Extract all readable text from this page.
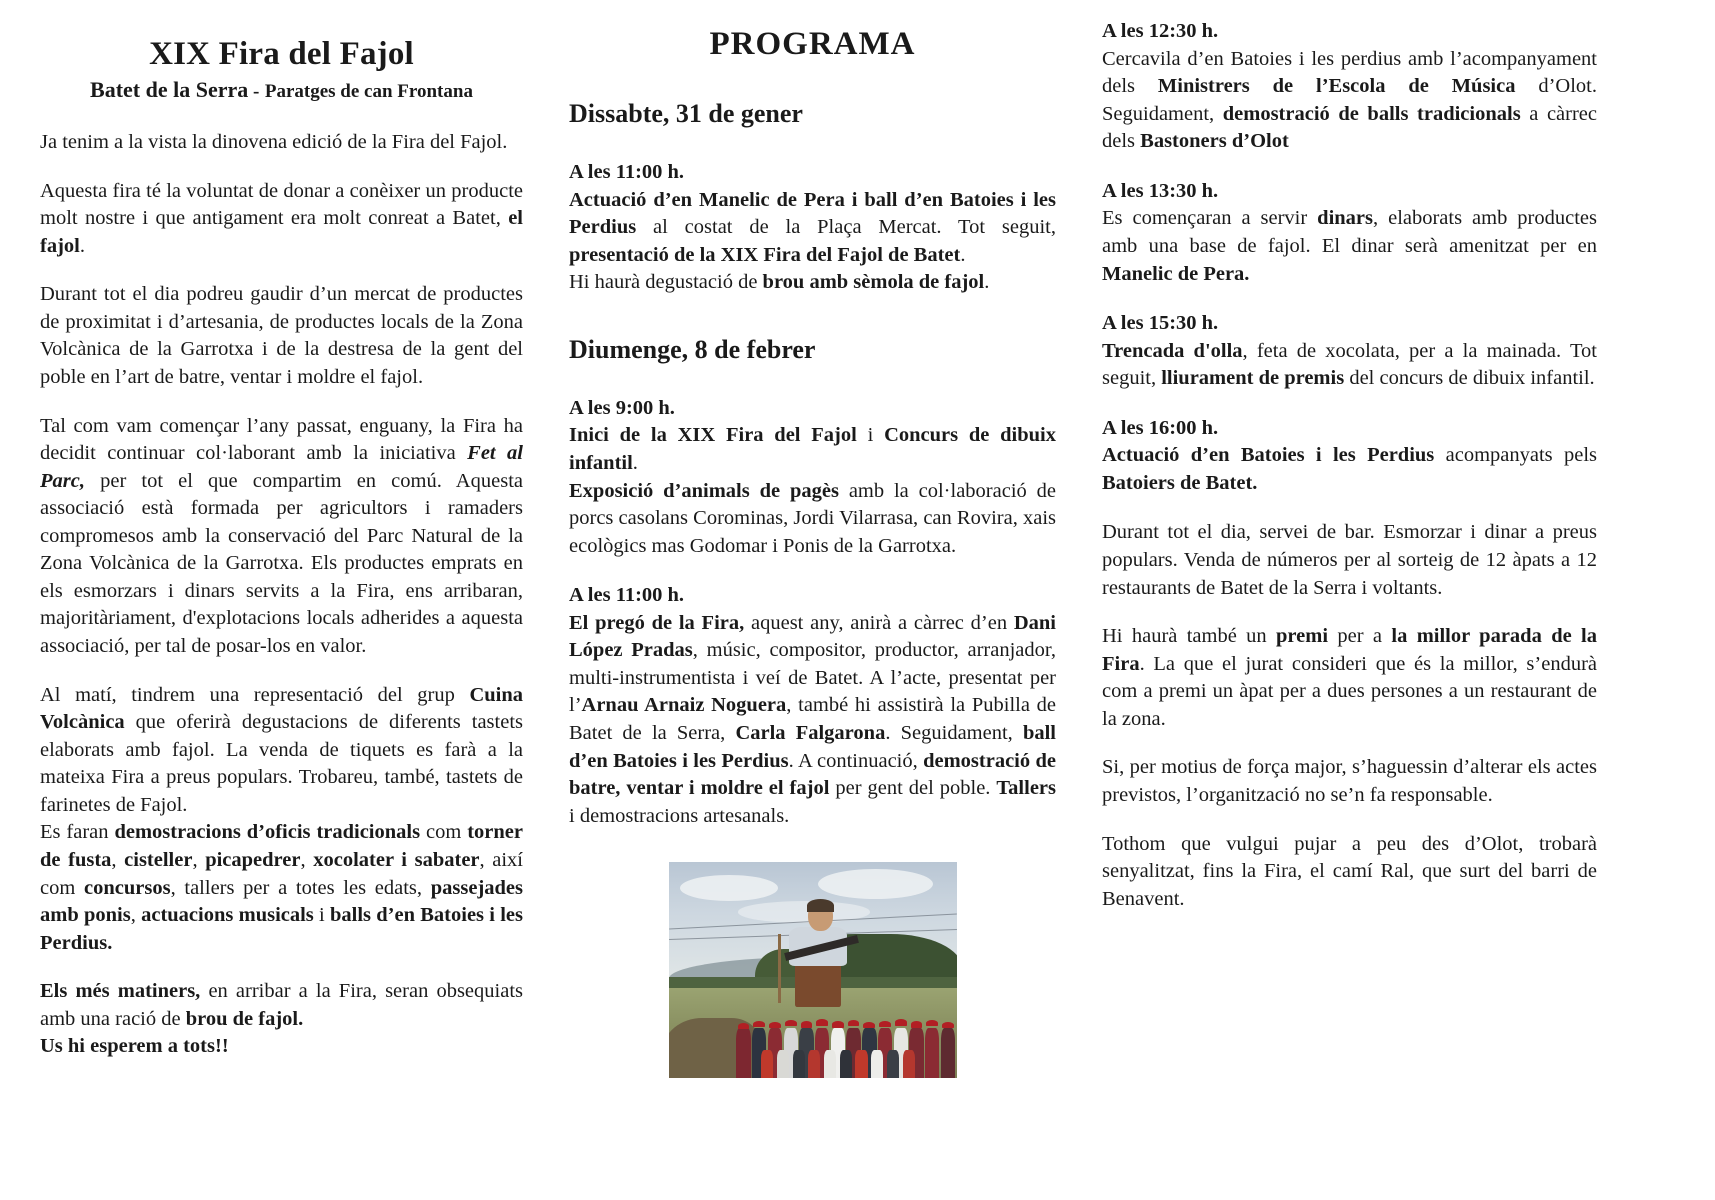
XIX Fira del Fajol
Batet de la Serra - Paratges de can Frontana

Ja tenim a la vista la dinovena edició de la Fira del Fajol.

Aquesta fira té la voluntat de donar a conèixer un producte molt nostre i que antigament era molt conreat a Batet, el fajol.

Durant tot el dia podreu gaudir d’un mercat de productes de proximitat i d’artesania, de productes locals de la Zona Volcànica de la Garrotxa i de la destresa de la gent del poble en l’art de batre, ventar i moldre el fajol.

Tal com vam començar l’any passat, enguany, la Fira ha decidit continuar col·laborant amb la iniciativa Fet al Parc, per tot el que compartim en comú. Aquesta associació està formada per agricultors i ramaders compromesos amb la conservació del Parc Natural de la Zona Volcànica de la Garrotxa. Els productes emprats en els esmorzars i dinars servits a la Fira, ens arribaran, majoritàriament, d'explotacions locals adherides a aquesta associació, per tal de posar-los en valor.

Al matí, tindrem una representació del grup Cuina Volcànica que oferirà degustacions de diferents tastets elaborats amb fajol. La venda de tiquets es farà a la mateixa Fira a preus populars. Trobareu, també, tastets de farinetes de Fajol.

Es faran demostracions d’oficis tradicionals com torner de fusta, cisteller, picapedrer, xocolater i sabater, així com concursos, tallers per a totes les edats, passejades amb ponis, actuacions musicals i balls d’en Batoies i les Perdius.

Els més matiners, en arribar a la Fira, seran obsequiats amb una ració de brou de fajol.

Us hi esperem a tots!!

PROGRAMA
Dissabte, 31 de gener

A les 11:00 h.

Actuació d’en Manelic de Pera i ball d’en Batoies i les Perdius al costat de la Plaça Mercat. Tot seguit, presentació de la XIX Fira del Fajol de Batet.

Hi haurà degustació de brou amb sèmola de fajol.

Diumenge, 8 de febrer

A les 9:00 h.

Inici de la XIX Fira del Fajol i Concurs de dibuix infantil.

Exposició d’animals de pagès amb la col·laboració de porcs casolans Corominas, Jordi Vilarrasa, can Rovira, xais ecològics mas Godomar i Ponis de la Garrotxa.

A les 11:00 h.

El pregó de la Fira, aquest any, anirà a càrrec d’en Dani López Pradas, músic, compositor, productor, arranjador, multi-instrumentista i veí de Batet. A l’acte, presentat per l’Arnau Arnaiz Noguera, també hi assistirà la Pubilla de Batet de la Serra, Carla Falgarona. Seguidament, ball d’en Batoies i les Perdius. A continuació, demostració de batre, ventar i moldre el fajol per gent del poble. Tallers i demostracions artesanals.

A les 12:30 h.

Cercavila d’en Batoies i les perdius amb l’acompanyament dels Ministrers de l’Escola de Música d’Olot. Seguidament, demostració de balls tradicionals a càrrec dels Bastoners d’Olot

A les 13:30 h.

Es començaran a servir dinars, elaborats amb productes amb una base de fajol. El dinar serà amenitzat per en Manelic de Pera.

A les 15:30 h.

Trencada d'olla, feta de xocolata, per a la mainada. Tot seguit, lliurament de premis del concurs de dibuix infantil.

A les 16:00 h.

Actuació d’en Batoies i les Perdius acompanyats pels Batoiers de Batet.

Durant tot el dia, servei de bar. Esmorzar i dinar a preus populars. Venda de números per al sorteig de 12 àpats a 12 restaurants de Batet de la Serra i voltants.

Hi haurà també un premi per a la millor parada de la Fira. La que el jurat consideri que és la millor, s’endurà com a premi un àpat per a dues persones a un restaurant de la zona.

Si, per motius de força major, s’haguessin d’alterar els actes previstos, l’organització no se’n fa responsable.

Tothom que vulgui pujar a peu des d’Olot, trobarà senyalitzat, fins la Fira, el camí Ral, que surt del barri de Benavent.
